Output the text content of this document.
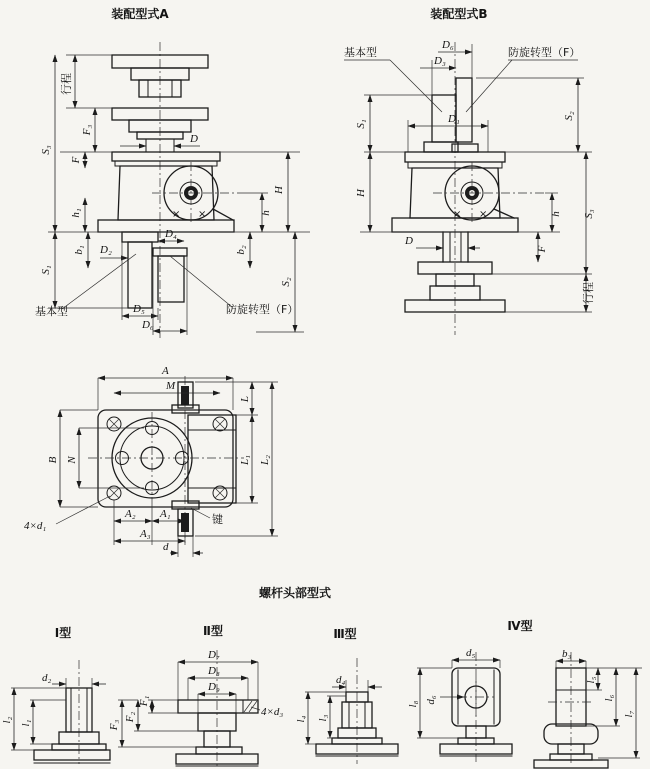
装配型式A
D
× ×
行程
F₃
F
S₃
h₁
b₁
S₁
H
h
b₂
S₂
D₂
D₄
D₅
D₆
基本型	防旋转型（F）
装配型式B
D₆
D₃
基本型	防旋转型（F）
D₁
× ×
D
F
S₁
H
S₂
h S₃
行程
A
M
L
L₁ L₂
B N
4×d₁
A₂ A₁
A₃
d
键
螺杆头部型式
Ⅰ型
d₂
l₁
l₂
Ⅱ型
D₇
D₈
D₉
4×d₃
F₁
F₂
F₃
Ⅲ型
d₄
l₃
l₄
Ⅳ型
d₅
d₆
l₈
b₃
l₅
l₆
l₇
